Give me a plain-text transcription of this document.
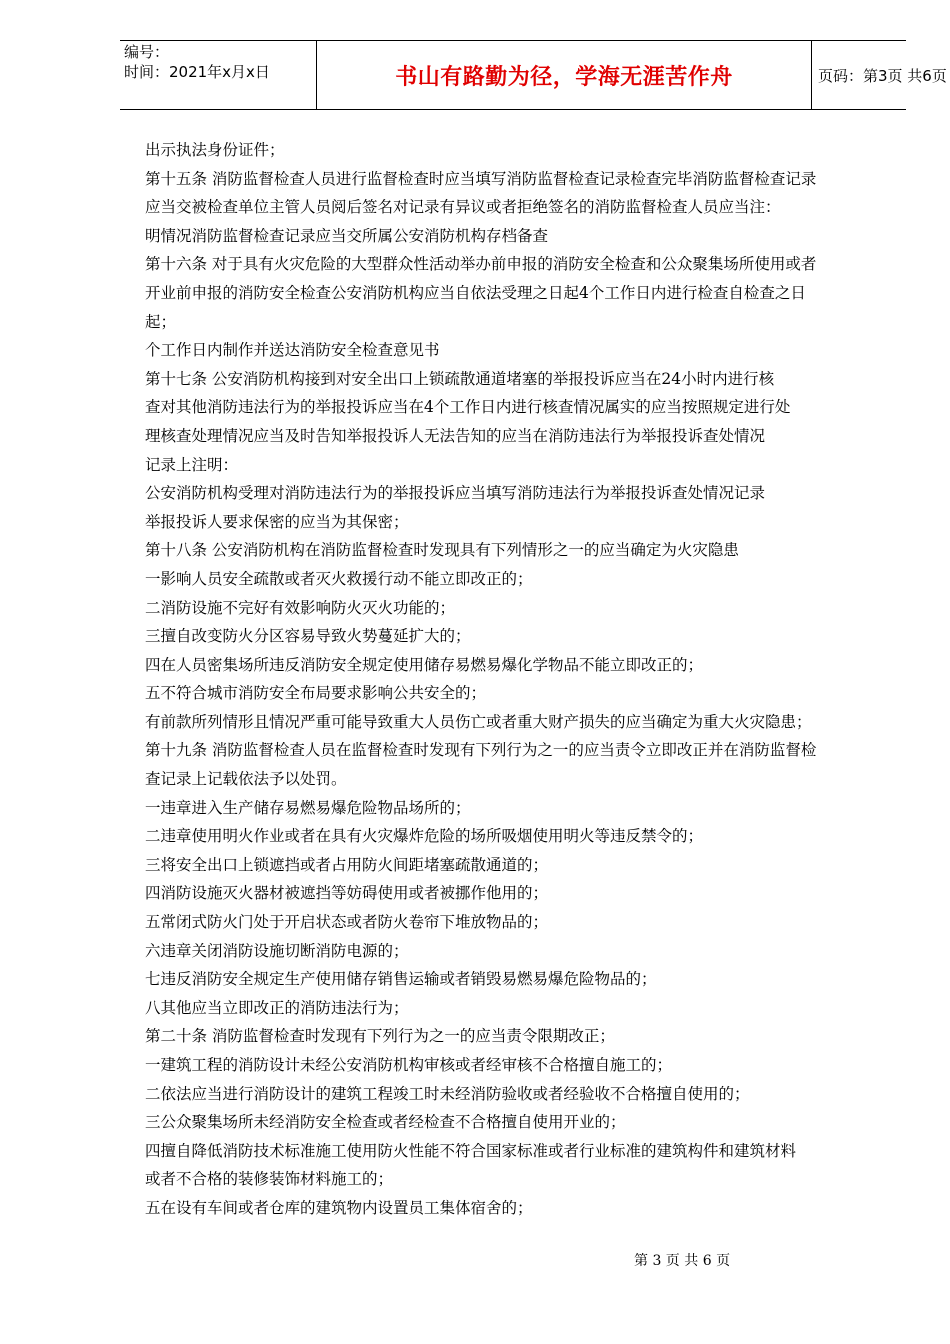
编号：
时间：2021年x月x日	书山有路勤为径，学海无涯苦作舟	页码：第3页 共6页
出示执法身份证件；
第十五条 消防监督检查人员进行监督检查时应当填写消防监督检查记录检查完毕消防监督检查记录
应当交被检查单位主管人员阅后签名对记录有异议或者拒绝签名的消防监督检查人员应当注：
明情况消防监督检查记录应当交所属公安消防机构存档备查
第十六条 对于具有火灾危险的大型群众性活动举办前申报的消防安全检查和公众聚集场所使用或者
开业前申报的消防安全检查公安消防机构应当自依法受理之日起4个工作日内进行检查自检查之日
起；
个工作日内制作并送达消防安全检查意见书
第十七条 公安消防机构接到对安全出口上锁疏散通道堵塞的举报投诉应当在24小时内进行核
查对其他消防违法行为的举报投诉应当在4个工作日内进行核查情况属实的应当按照规定进行处
理核查处理情况应当及时告知举报投诉人无法告知的应当在消防违法行为举报投诉查处情况
记录上注明：
公安消防机构受理对消防违法行为的举报投诉应当填写消防违法行为举报投诉查处情况记录
举报投诉人要求保密的应当为其保密；
第十八条 公安消防机构在消防监督检查时发现具有下列情形之一的应当确定为火灾隐患
一影响人员安全疏散或者灭火救援行动不能立即改正的；
二消防设施不完好有效影响防火灭火功能的；
三擅自改变防火分区容易导致火势蔓延扩大的；
四在人员密集场所违反消防安全规定使用储存易燃易爆化学物品不能立即改正的；
五不符合城市消防安全布局要求影响公共安全的；
有前款所列情形且情况严重可能导致重大人员伤亡或者重大财产损失的应当确定为重大火灾隐患；
第十九条 消防监督检查人员在监督检查时发现有下列行为之一的应当责令立即改正并在消防监督检
查记录上记载依法予以处罚。
一违章进入生产储存易燃易爆危险物品场所的；
二违章使用明火作业或者在具有火灾爆炸危险的场所吸烟使用明火等违反禁令的；
三将安全出口上锁遮挡或者占用防火间距堵塞疏散通道的；
四消防设施灭火器材被遮挡等妨碍使用或者被挪作他用的；
五常闭式防火门处于开启状态或者防火卷帘下堆放物品的；
六违章关闭消防设施切断消防电源的；
七违反消防安全规定生产使用储存销售运输或者销毁易燃易爆危险物品的；
八其他应当立即改正的消防违法行为；
第二十条 消防监督检查时发现有下列行为之一的应当责令限期改正；
一建筑工程的消防设计未经公安消防机构审核或者经审核不合格擅自施工的；
二依法应当进行消防设计的建筑工程竣工时未经消防验收或者经验收不合格擅自使用的；
三公众聚集场所未经消防安全检查或者经检查不合格擅自使用开业的；
四擅自降低消防技术标准施工使用防火性能不符合国家标准或者行业标准的建筑构件和建筑材料
或者不合格的装修装饰材料施工的；
五在设有车间或者仓库的建筑物内设置员工集体宿舍的；
第 3 页 共 6 页
